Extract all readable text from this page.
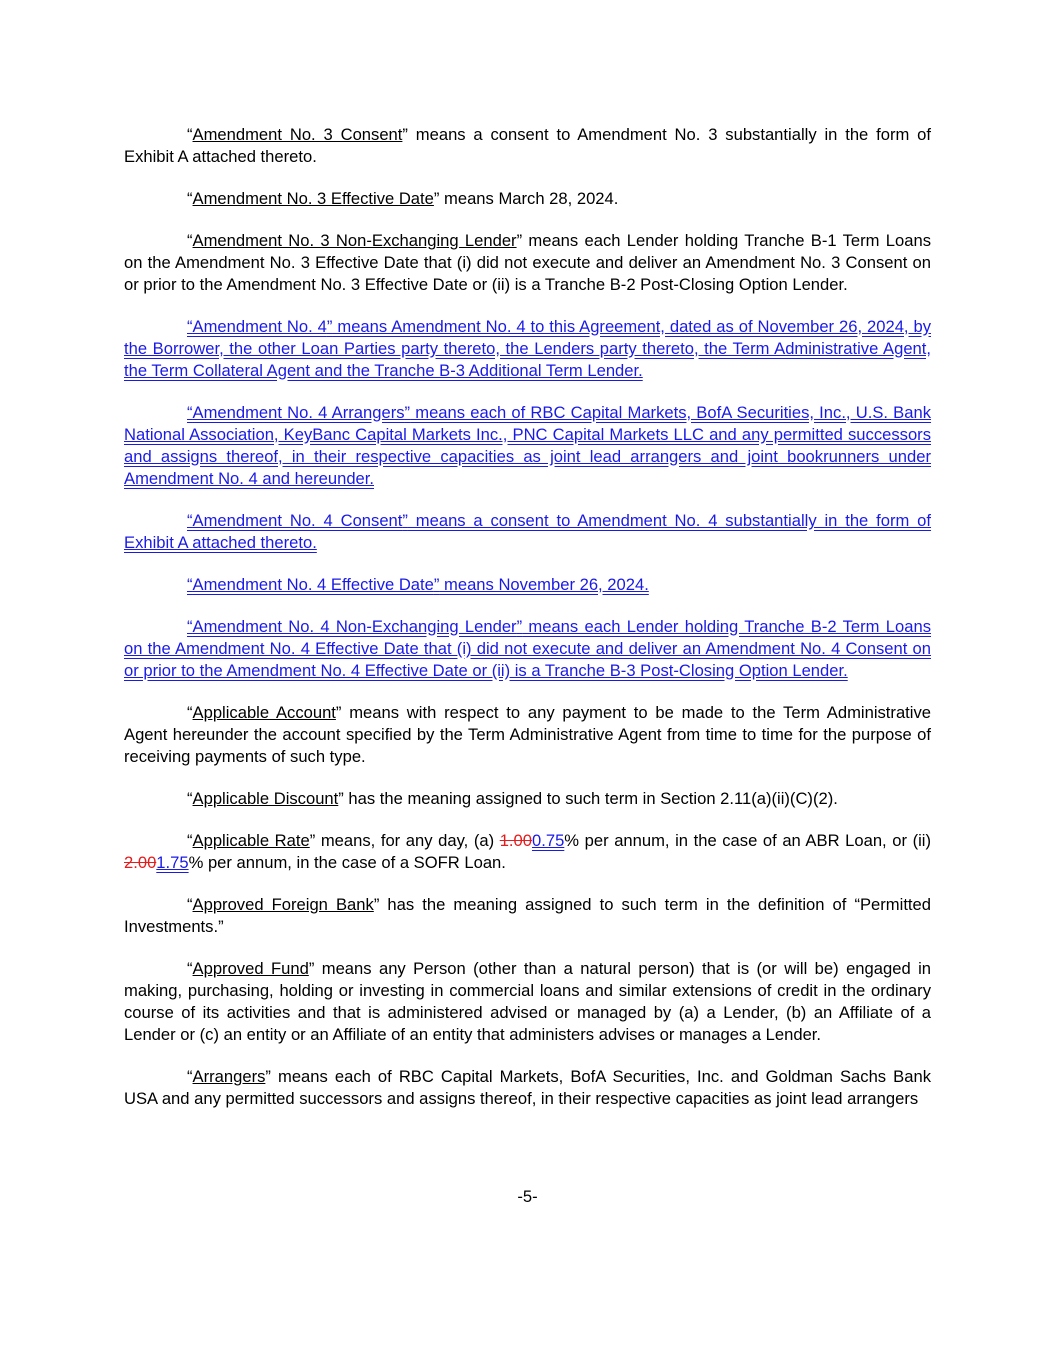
“Amendment No. 3 Consent” means a consent to Amendment No. 3 substantially in the form of Exhibit A attached thereto.

“Amendment No. 3 Effective Date” means March 28, 2024.

“Amendment No. 3 Non-Exchanging Lender” means each Lender holding Tranche B-1 Term Loans on the Amendment No. 3 Effective Date that (i) did not execute and deliver an Amendment No. 3 Consent on or prior to the Amendment No. 3 Effective Date or (ii) is a Tranche B-2 Post-Closing Option Lender.

“Amendment No. 4” means Amendment No. 4 to this Agreement, dated as of November 26, 2024, by the Borrower, the other Loan Parties party thereto, the Lenders party thereto, the Term Administrative Agent, the Term Collateral Agent and the Tranche B-3 Additional Term Lender.

“Amendment No. 4 Arrangers” means each of RBC Capital Markets, BofA Securities, Inc., U.S. Bank National Association, KeyBanc Capital Markets Inc., PNC Capital Markets LLC and any permitted successors and assigns thereof, in their respective capacities as joint lead arrangers and joint bookrunners under Amendment No. 4 and hereunder.

“Amendment No. 4 Consent” means a consent to Amendment No. 4 substantially in the form of Exhibit A attached thereto.

“Amendment No. 4 Effective Date” means November 26, 2024.

“Amendment No. 4 Non-Exchanging Lender” means each Lender holding Tranche B-2 Term Loans on the Amendment No. 4 Effective Date that (i) did not execute and deliver an Amendment No. 4 Consent on or prior to the Amendment No. 4 Effective Date or (ii) is a Tranche B-3 Post-Closing Option Lender.

“Applicable Account” means with respect to any payment to be made to the Term Administrative Agent hereunder the account specified by the Term Administrative Agent from time to time for the purpose of receiving payments of such type.

“Applicable Discount” has the meaning assigned to such term in Section 2.11(a)(ii)(C)(2).

“Applicable Rate” means, for any day, (a) 1.000.75% per annum, in the case of an ABR Loan, or (ii) 2.001.75% per annum, in the case of a SOFR Loan.

“Approved Foreign Bank” has the meaning assigned to such term in the definition of “Permitted Investments.”

“Approved Fund” means any Person (other than a natural person) that is (or will be) engaged in making, purchasing, holding or investing in commercial loans and similar extensions of credit in the ordinary course of its activities and that is administered advised or managed by (a) a Lender, (b) an Affiliate of a Lender or (c) an entity or an Affiliate of an entity that administers advises or manages a Lender.

“Arrangers” means each of RBC Capital Markets, BofA Securities, Inc. and Goldman Sachs Bank USA and any permitted successors and assigns thereof, in their respective capacities as joint lead arrangers

-5-
